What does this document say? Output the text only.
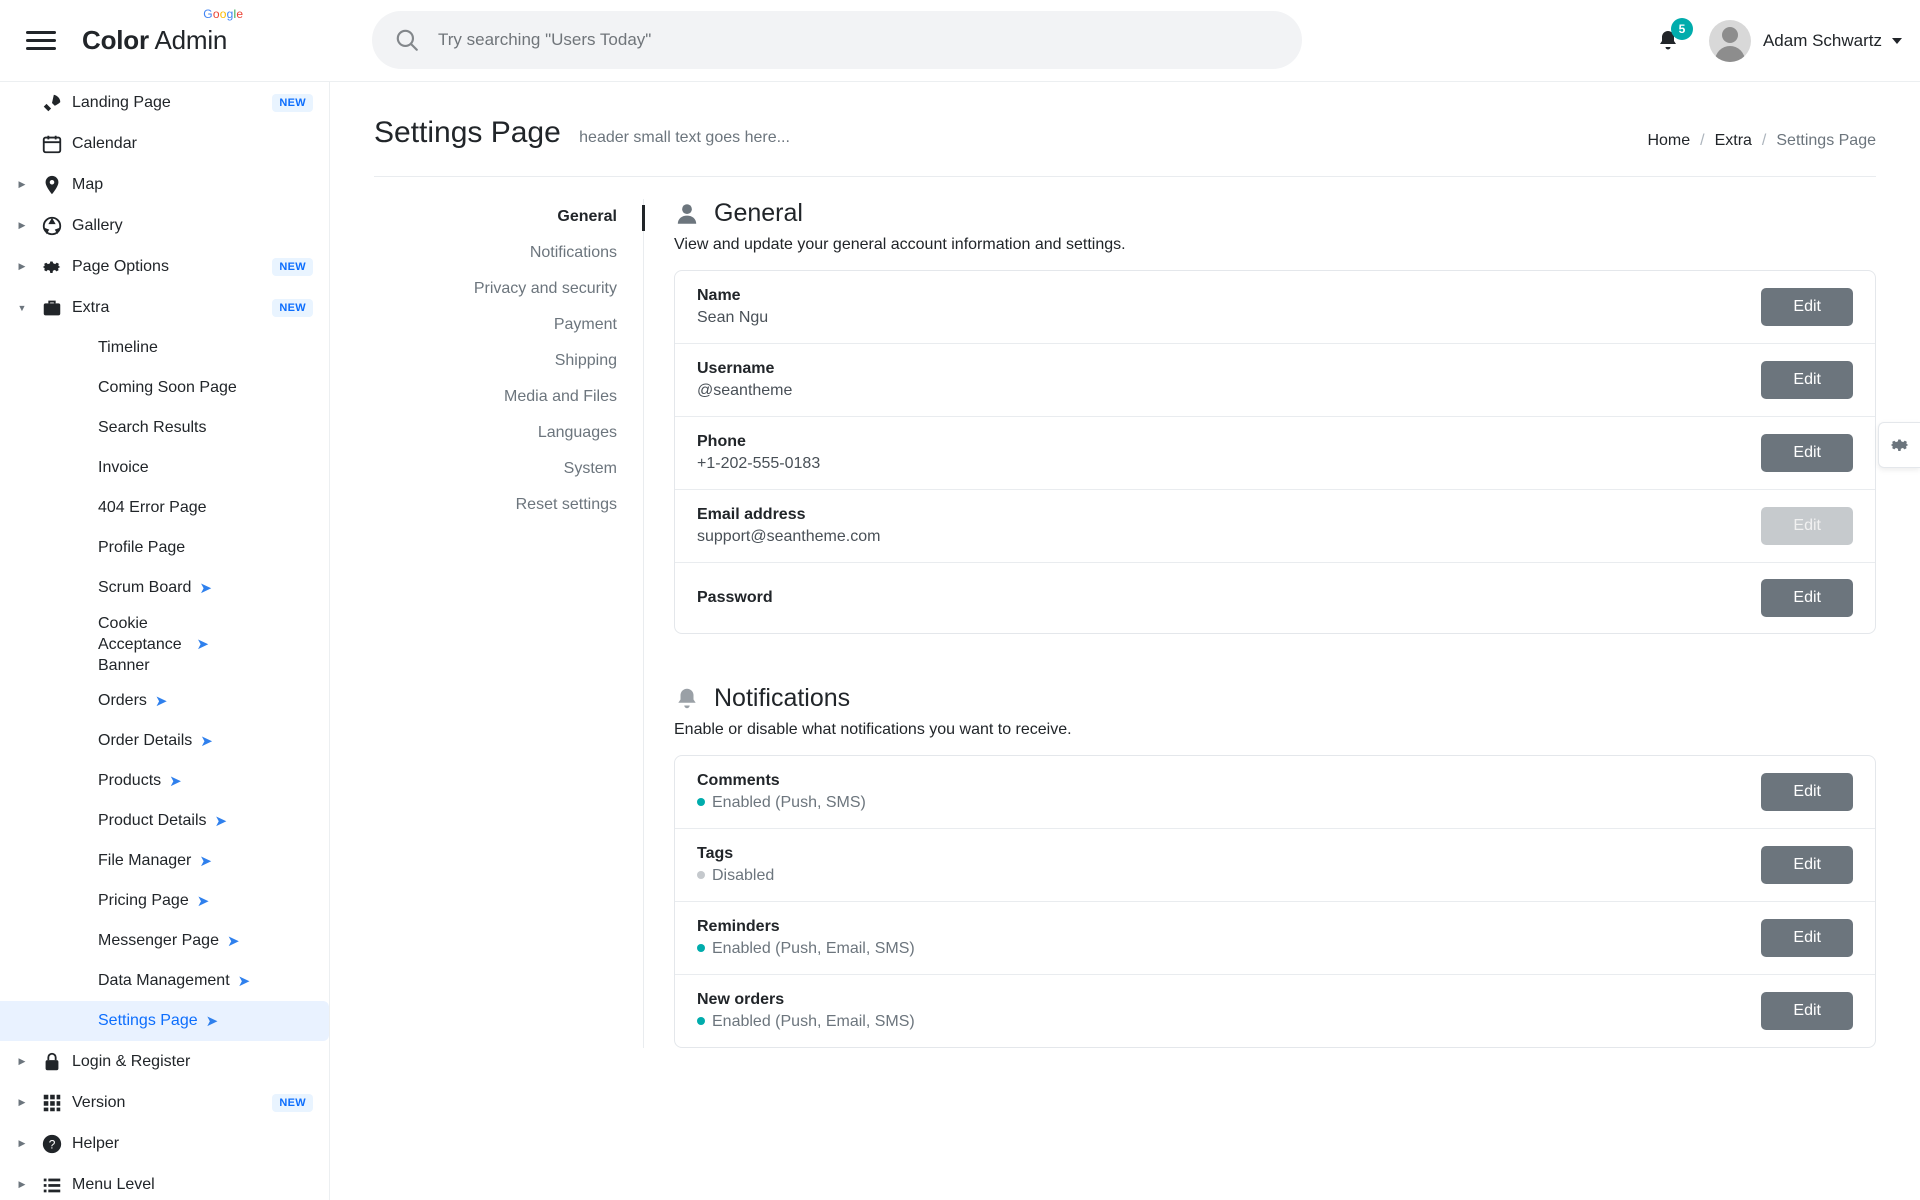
Color Admin
Google
Try searching "Users Today"
5
Adam Schwartz
Landing Page	NEW
Calendar
▶	Map
▶	Gallery
▶	Page Options	NEW
▼	Extra	NEW
Timeline
Coming Soon Page
Search Results
Invoice
404 Error Page
Profile Page
Scrum Board ➤
Cookie Acceptance Banner
➤
Orders ➤
Order Details ➤
Products ➤
Product Details ➤
File Manager ➤
Pricing Page ➤
Messenger Page ➤
Data Management ➤
Settings Page ➤
▶	Login & Register
▶	Version	NEW
▶	? Helper
▶	Menu Level
Settings Page header small text goes here...	Home / Extra / Settings Page
General
Notifications
Privacy and security
Payment
Shipping
Media and Files
Languages
System
Reset settings
General
View and update your general account information and settings.
Name
Sean Ngu
Edit
Username
@seantheme
Edit
Phone
+1-202-555-0183
Edit
Email address
support@seantheme.com
Edit
Password	Edit
Notifications
Enable or disable what notifications you want to receive.
Comments
Enabled (Push, SMS)
Edit
Tags
Disabled
Edit
Reminders
Enabled (Push, Email, SMS)
Edit
New orders
Enabled (Push, Email, SMS)
Edit
